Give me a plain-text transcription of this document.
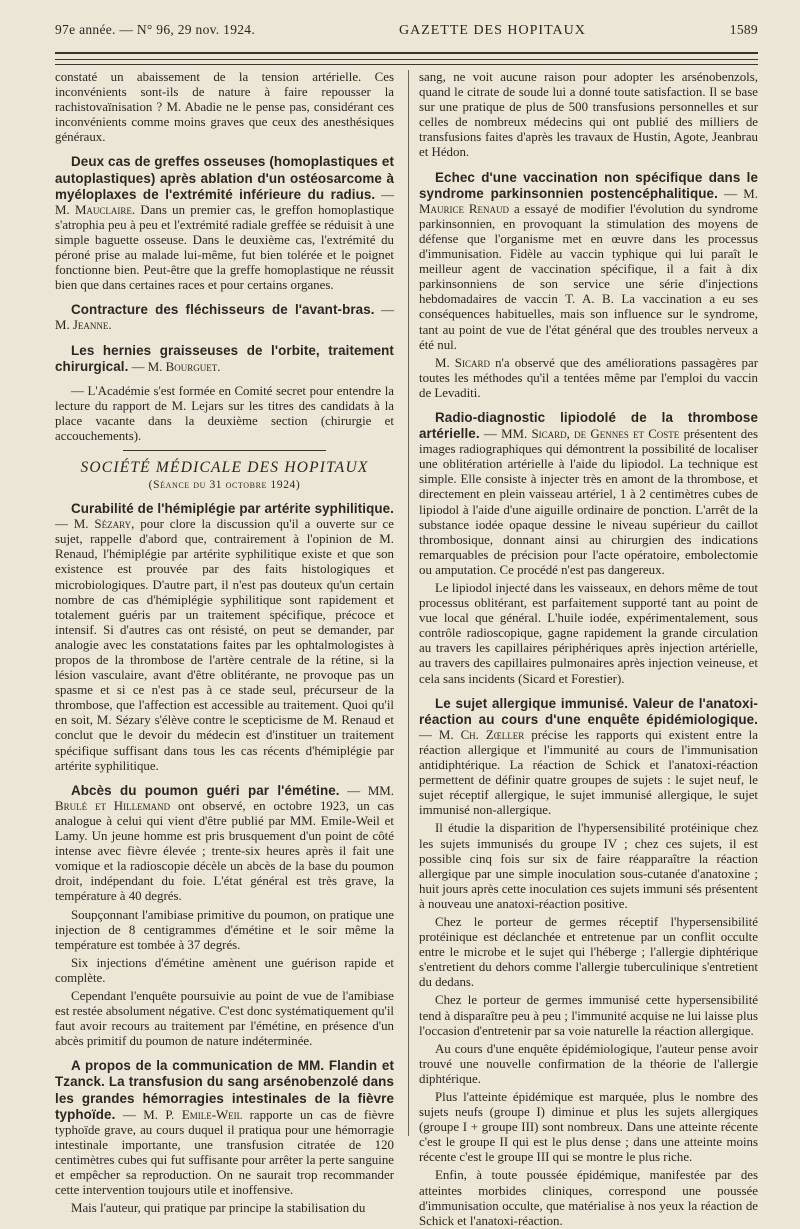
97e année. — N° 96, 29 nov. 1924.	GAZETTE DES HOPITAUX	1589

constaté un abaissement de la tension artérielle. Ces inconvénients sont-ils de nature à faire repousser la rachistovaïnisation ? M. Abadie ne le pense pas, considérant ces inconvénients comme moins graves que ceux des anesthésiques généraux.

Deux cas de greffes osseuses (homoplastiques et autoplastiques) après ablation d'un ostéosarcome à myéloplaxes de l'extrémité inférieure du radius. — M. Mauclaire. Dans un premier cas, le greffon homoplastique s'atrophia peu à peu et l'extrémité radiale greffée se réduisit à une simple baguette osseuse. Dans le deuxième cas, l'extrémité du péroné prise au malade lui-même, fut bien tolérée et le poignet fonctionne bien. Peut-être que la greffe homoplastique ne réussit bien que dans certaines races et pour certains organes.

Contracture des fléchisseurs de l'avant-bras. — M. Jeanne.

Les hernies graisseuses de l'orbite, traitement chirurgical. — M. Bourguet.

— L'Académie s'est formée en Comité secret pour entendre la lecture du rapport de M. Lejars sur les titres des candidats à la place vacante dans la deuxième section (chirurgie et accouchements).

SOCIÉTÉ MÉDICALE DES HOPITAUX
(Séance du 31 octobre 1924)

Curabilité de l'hémiplégie par artérite syphilitique. — M. Sézary, pour clore la discussion qu'il a ouverte sur ce sujet, rappelle d'abord que, contrairement à l'opinion de M. Renaud, l'hémiplégie par artérite syphilitique existe et que son existence est prouvée par des faits histologiques et microbiologiques. D'autre part, il n'est pas douteux qu'un certain nombre de cas d'hémiplégie syphilitique sont rapidement et totalement guéris par un traitement spécifique, précoce et intensif. Si d'autres cas ont résisté, on peut se demander, par analogie avec les constatations faites par les ophtalmologistes à propos de la thrombose de l'artère centrale de la rétine, si la lésion vasculaire, avant d'être oblitérante, ne provoque pas un spasme et si ce n'est pas à ce stade seul, précurseur de la thrombose, que l'affection est accessible au traitement. Quoi qu'il en soit, M. Sézary s'élève contre le scepticisme de M. Renaud et conclut que le devoir du médecin est d'instituer un traitement spécifique suffisant dans tous les cas récents d'hémiplégie par artérite syphilitique.

Abcès du poumon guéri par l'émétine. — MM. Brulé et Hillemand ont observé, en octobre 1923, un cas analogue à celui qui vient d'être publié par MM. Emile-Weil et Lamy. Un jeune homme est pris brusquement d'un point de côté intense avec fièvre élevée ; trente-six heures après il fait une vomique et la radioscopie décèle un abcès de la base du poumon droit, indépendant du foie. L'état général est très grave, la température à 40 degrés.

Soupçonnant l'amibiase primitive du poumon, on pratique une injection de 8 centigrammes d'émétine et le soir même la température est tombée à 37 degrés.

Six injections d'émétine amènent une guérison rapide et complète.

Cependant l'enquête poursuivie au point de vue de l'amibiase est restée absolument négative. C'est donc systématiquement qu'il faut avoir recours au traitement par l'émétine, en présence d'un abcès primitif du poumon de nature indéterminée.

A propos de la communication de MM. Flandin et Tzanck. La transfusion du sang arsénobenzolé dans les grandes hémorragies intestinales de la fièvre typhoïde. — M. P. Emile-Weil rapporte un cas de fièvre typhoïde grave, au cours duquel il pratiqua pour une hémorragie intestinale importante, une transfusion citratée de 120 centimètres cubes qui fut suffisante pour arrêter la perte sanguine et empêcher sa reproduction. On ne saurait trop recommander cette intervention toujours utile et inoffensive.

Mais l'auteur, qui pratique par principe la stabilisation du

sang, ne voit aucune raison pour adopter les arsénobenzols, quand le citrate de soude lui a donné toute satisfaction. Il se base sur une pratique de plus de 500 transfusions personnelles et sur celles de nombreux médecins qui ont publié des milliers de transfusions faites d'après les travaux de Hustin, Agote, Jeanbrau et Hédon.

Echec d'une vaccination non spécifique dans le syndrome parkinsonnien postencéphalitique. — M. Maurice Renaud a essayé de modifier l'évolution du syndrome parkinsonnien, en provoquant la stimulation des moyens de défense que l'organisme met en œuvre dans les processus d'immunisation. Fidèle au vaccin typhique qui lui paraît le meilleur agent de vaccination spécifique, il a fait à dix parkinsonniens de son service une série d'injections hebdomadaires de vaccin T. A. B. La vaccination a eu ses conséquences habituelles, mais son influence sur le syndrome, tant au point de vue de l'état général que des troubles nerveux a été nul.

M. Sicard n'a observé que des améliorations passagères par toutes les méthodes qu'il a tentées même par l'emploi du vaccin de Levaditi.

Radio-diagnostic lipiodolé de la thrombose artérielle. — MM. Sicard, de Gennes et Coste présentent des images radiographiques qui démontrent la possibilité de localiser une oblitération artérielle à l'aide du lipiodol. La technique est simple. Elle consiste à injecter très en amont de la thrombose, et directement en plein vaisseau artériel, 1 à 2 centimètres cubes de lipiodol à l'aide d'une aiguille ordinaire de ponction. L'arrêt de la substance iodée opaque dessine le niveau supérieur du caillot thrombosique, donnant ainsi au chirurgien des indications remarquables de précision pour l'acte opératoire, embolectomie ou amputation. Ce procédé n'est pas dangereux.

Le lipiodol injecté dans les vaisseaux, en dehors même de tout processus oblitérant, est parfaitement supporté tant au point de vue local que général. L'huile iodée, expérimentalement, sous contrôle radioscopique, gagne rapidement la grande circulation au travers les capillaires périphériques après injection artérielle, au travers des capillaires pulmonaires après injection veineuse, et cela sans incidents (Sicard et Forestier).

Le sujet allergique immunisé. Valeur de l'anatoxi-réaction au cours d'une enquête épidémiologique. — M. Ch. Zœller précise les rapports qui existent entre la réaction allergique et l'immunité au cours de l'immunisation antidiphtérique. La réaction de Schick et l'anatoxi-réaction permettent de définir quatre groupes de sujets : le sujet neuf, le sujet réceptif allergique, le sujet immunisé allergique, le sujet immunisé non-allergique.

Il étudie la disparition de l'hypersensibilité protéinique chez les sujets immunisés du groupe IV ; chez ces sujets, il est possible cinq fois sur six de faire réapparaître la réaction allergique par une simple inoculation sous-cutanée d'anatoxine ; huit jours après cette inoculation ces sujets immuni sés présentent à nouveau une anatoxi-réaction positive.

Chez le porteur de germes réceptif l'hypersensibilité protéinique est déclanchée et entretenue par un conflit occulte entre le microbe et le sujet qui l'héberge ; l'allergie diphtérique s'entretient du dehors comme l'allergie tuberculinique s'entretient du dedans.

Chez le porteur de germes immunisé cette hypersensibilité tend à disparaître peu à peu ; l'immunité acquise ne lui laisse plus l'occasion d'entretenir par sa voie naturelle la réaction allergique.

Au cours d'une enquête épidémiologique, l'auteur pense avoir trouvé une nouvelle confirmation de la théorie de l'allergie diphtérique.

Plus l'atteinte épidémique est marquée, plus le nombre des sujets neufs (groupe I) diminue et plus les sujets allergiques (groupe I + groupe III) sont nombreux. Dans une atteinte récente c'est le groupe II qui est le plus dense ; dans une atteinte moins récente c'est le groupe III qui se montre le plus riche.

Enfin, à toute poussée épidémique, manifestée par des atteintes morbides cliniques, correspond une poussée d'immunisation occulte, que matérialise à nos yeux la réaction de Schick et l'anatoxi-réaction.
